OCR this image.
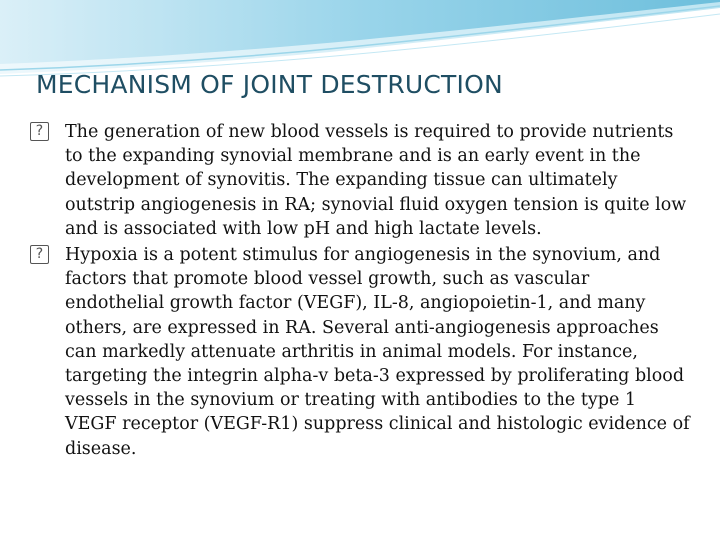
MECHANISM OF JOINT DESTRUCTION

?	The generation of new blood vessels is required to provide nutrients to the expanding synovial membrane and is an early event in the development of synovitis. The expanding tissue can ultimately outstrip angiogenesis in RA; synovial fluid oxygen tension is quite low and is associated with low pH and high lactate levels.

?	Hypoxia is a potent stimulus for angiogenesis in the synovium, and factors that promote blood vessel growth, such as vascular endothelial growth factor (VEGF), IL-8, angiopoietin-1, and many others, are expressed in RA. Several anti-angiogenesis approaches can markedly attenuate arthritis in animal models. For instance, targeting the integrin alpha-v beta-3 expressed by proliferating blood vessels in the synovium or treating with antibodies to the type 1 VEGF receptor (VEGF-R1) suppress clinical and histologic evidence of disease.
